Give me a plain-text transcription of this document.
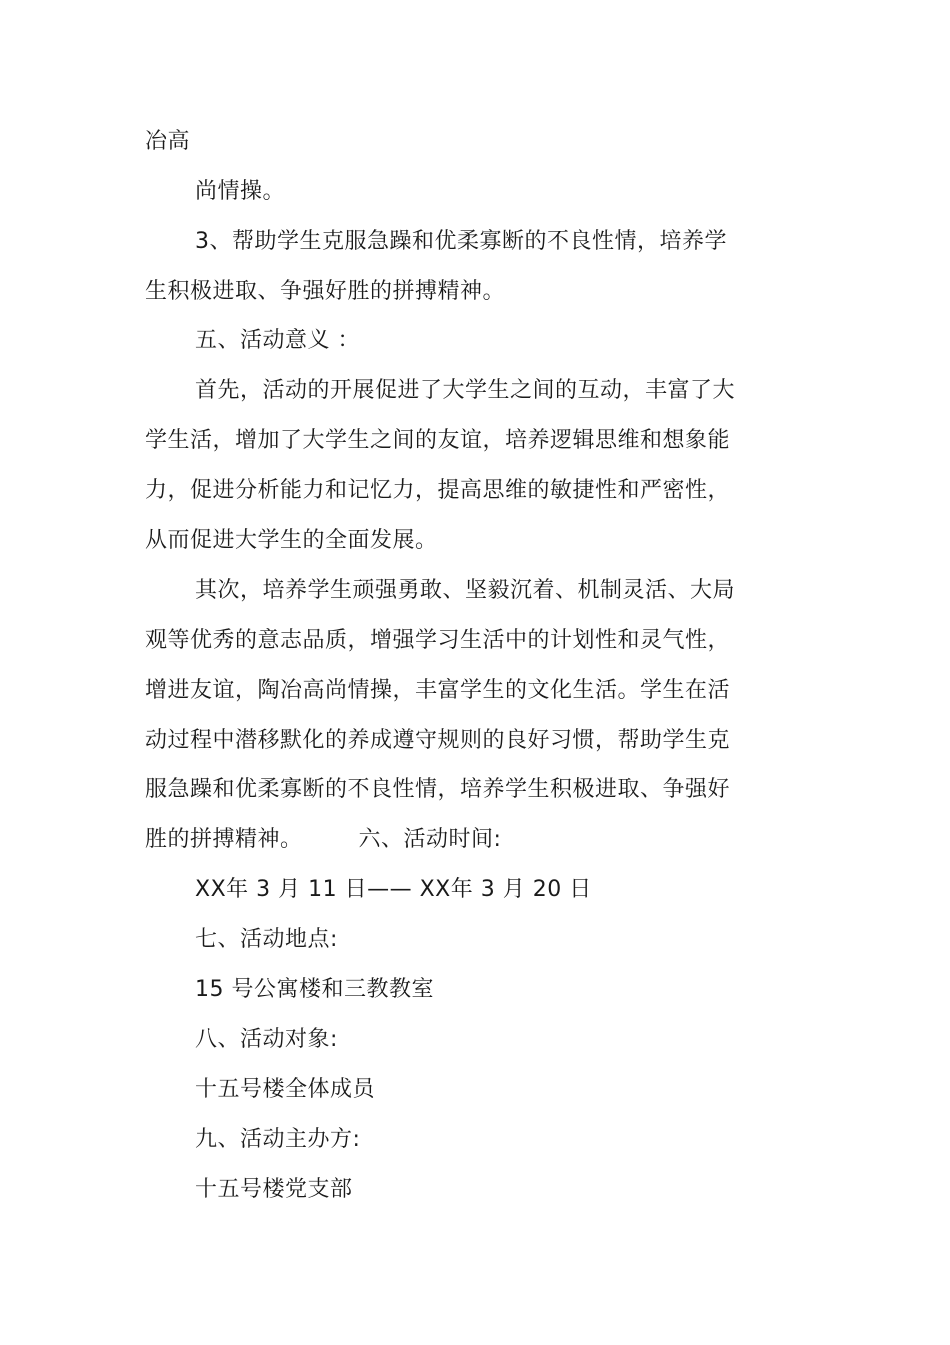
冶高
尚情操。
3、帮助学生克服急躁和优柔寡断的不良性情，培养学
生积极进取、争强好胜的拼搏精神。
五、活动意义 ：
首先，活动的开展促进了大学生之间的互动，丰富了大
学生活，增加了大学生之间的友谊，培养逻辑思维和想象能
力，促进分析能力和记忆力，提高思维的敏捷性和严密性，
从而促进大学生的全面发展。
其次，培养学生顽强勇敢、坚毅沉着、机制灵活、大局
观等优秀的意志品质，增强学习生活中的计划性和灵气性，
增进友谊，陶冶高尚情操，丰富学生的文化生活。学生在活
动过程中潜移默化的养成遵守规则的良好习惯，帮助学生克
服急躁和优柔寡断的不良性情，培养学生积极进取、争强好
胜的拼搏精神。	六、活动时间:
XX年 3 月 11 日—— XX年 3 月 20 日
七、活动地点:
15 号公寓楼和三教教室
八、活动对象:
十五号楼全体成员
九、活动主办方:
十五号楼党支部
